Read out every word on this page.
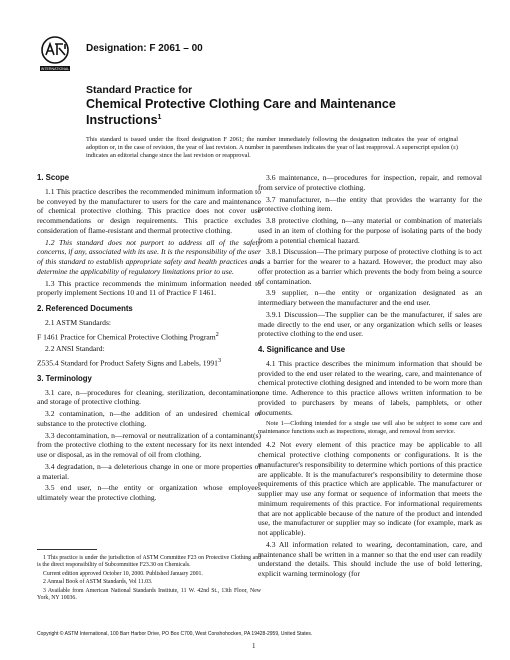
INTERNATIONAL
Designation: F 2061 – 00
Standard Practice for
Chemical Protective Clothing Care and Maintenance
Instructions$^1$
This standard is issued under the fixed designation F 2061; the number immediately following the designation indicates the year of original adoption or, in the case of revision, the year of last revision. A number in parentheses indicates the year of last reapproval. A superscript epsilon (ε) indicates an editorial change since the last revision or reapproval.
1. Scope

1.1 This practice describes the recommended minimum information to be conveyed by the manufacturer to users for the care and maintenance of chemical protective clothing. This practice does not cover use recommendations or design requirements. This practice excludes consideration of flame-resistant and thermal protective clothing.

1.2 This standard does not purport to address all of the safety concerns, if any, associated with its use. It is the responsibility of the user of this standard to establish appropriate safety and health practices and determine the applicability of regulatory limitations prior to use.

1.3 This practice recommends the minimum information needed to properly implement Sections 10 and 11 of Practice F 1461.

2. Referenced Documents

2.1 ASTM Standards:

F 1461 Practice for Chemical Protective Clothing Program$^2$

2.2 ANSI Standard:

Z535.4 Standard for Product Safety Signs and Labels, 1991$^3$

3. Terminology

3.1 care, n—procedures for cleaning, sterilization, decontamination, and storage of protective clothing.

3.2 contamination, n—the addition of an undesired chemical or substance to the protective clothing.

3.3 decontamination, n—removal or neutralization of a contaminant(s) from the protective clothing to the extent necessary for its next intended use or disposal, as in the removal of oil from clothing.

3.4 degradation, n—a deleterious change in one or more properties of a material.

3.5 end user, n—the entity or organization whose employees ultimately wear the protective clothing.

3.6 maintenance, n—procedures for inspection, repair, and removal from service of protective clothing.

3.7 manufacturer, n—the entity that provides the warranty for the protective clothing item.

3.8 protective clothing, n—any material or combination of materials used in an item of clothing for the purpose of isolating parts of the body from a potential chemical hazard.

3.8.1 Discussion—The primary purpose of protective clothing is to act as a barrier for the wearer to a hazard. However, the product may also offer protection as a barrier which prevents the body from being a source of contamination.

3.9 supplier, n—the entity or organization designated as an intermediary between the manufacturer and the end user.

3.9.1 Discussion—The supplier can be the manufacturer, if sales are made directly to the end user, or any organization which sells or leases protective clothing to the end user.

4. Significance and Use

4.1 This practice describes the minimum information that should be provided to the end user related to the wearing, care, and maintenance of chemical protective clothing designed and intended to be worn more than one time. Adherence to this practice allows written information to be provided to purchasers by means of labels, pamphlets, or other documents.

Note 1—Clothing intended for a single use will also be subject to some care and maintenance functions such as inspections, storage, and removal from service.

4.2 Not every element of this practice may be applicable to all chemical protective clothing components or configurations. It is the manufacturer's responsibility to determine which portions of this practice are applicable. It is the manufacturer's responsibility to determine those requirements of this practice which are applicable. The manufacturer or supplier may use any format or sequence of information that meets the minimum requirements of this practice. For informational requirements that are not applicable because of the nature of the product and intended use, the manufacturer or supplier may so indicate (for example, mark as not applicable).

4.3 All information related to wearing, decontamination, care, and maintenance shall be written in a manner so that the end user can readily understand the details. This should include the use of bold lettering, explicit warning terminology (for

1 This practice is under the jurisdiction of ASTM Committee F23 on Protective Clothing and is the direct responsibility of Subcommittee F23.30 on Chemicals.

Current edition approved October 10, 2000. Published January 2001.

2 Annual Book of ASTM Standards, Vol 11.03.

3 Available from American National Standards Institute, 11 W. 42nd St., 13th Floor, New York, NY 10036.

Copyright © ASTM International, 100 Barr Harbor Drive, PO Box C700, West Conshohocken, PA 19428-2959, United States.
1
